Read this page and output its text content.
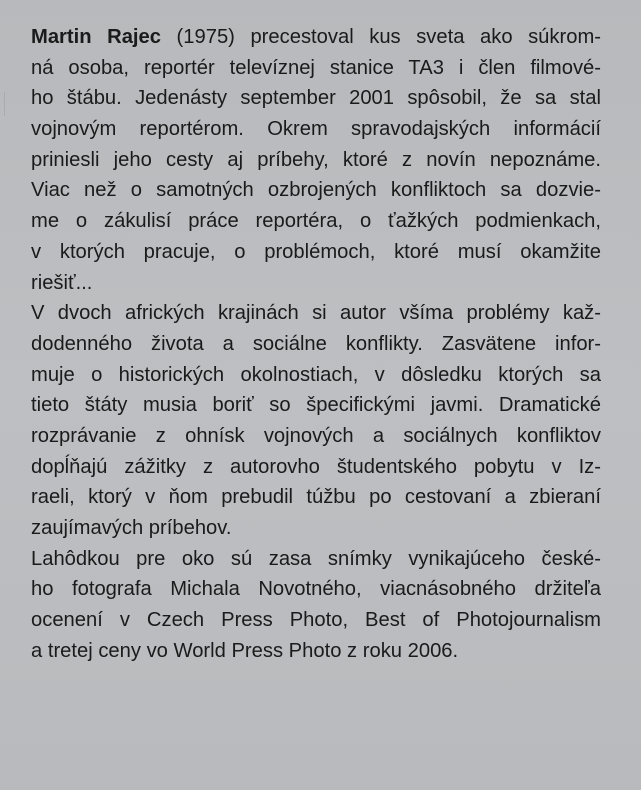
Martin Rajec (1975) precestoval kus sveta ako súkrom-
ná osoba, reportér televíznej stanice TA3 i člen filmové-
ho štábu. Jedenásty september 2001 spôsobil, že sa stal
vojnovým reportérom. Okrem spravodajských informácií
priniesli jeho cesty aj príbehy, ktoré z novín nepoznáme.
Viac než o samotných ozbrojených konfliktoch sa dozvie-
me o zákulisí práce reportéra, o ťažkých podmienkach,
v ktorých pracuje, o problémoch, ktoré musí okamžite
riešiť...
V dvoch afrických krajinách si autor všíma problémy kaž-
dodenného života a sociálne konflikty. Zasvätene infor-
muje o historických okolnostiach, v dôsledku ktorých sa
tieto štáty musia boriť so špecifickými javmi. Dramatické
rozprávanie z ohnísk vojnových a sociálnych konfliktov
dopĺňajú zážitky z autorovho študentského pobytu v Iz-
raeli, ktorý v ňom prebudil túžbu po cestovaní a zbieraní
zaujímavých príbehov.
Lahôdkou pre oko sú zasa snímky vynikajúceho české-
ho fotografa Michala Novotného, viacnásobného držiteľa
ocenení v Czech Press Photo, Best of Photojournalism
a tretej ceny vo World Press Photo z roku 2006.
